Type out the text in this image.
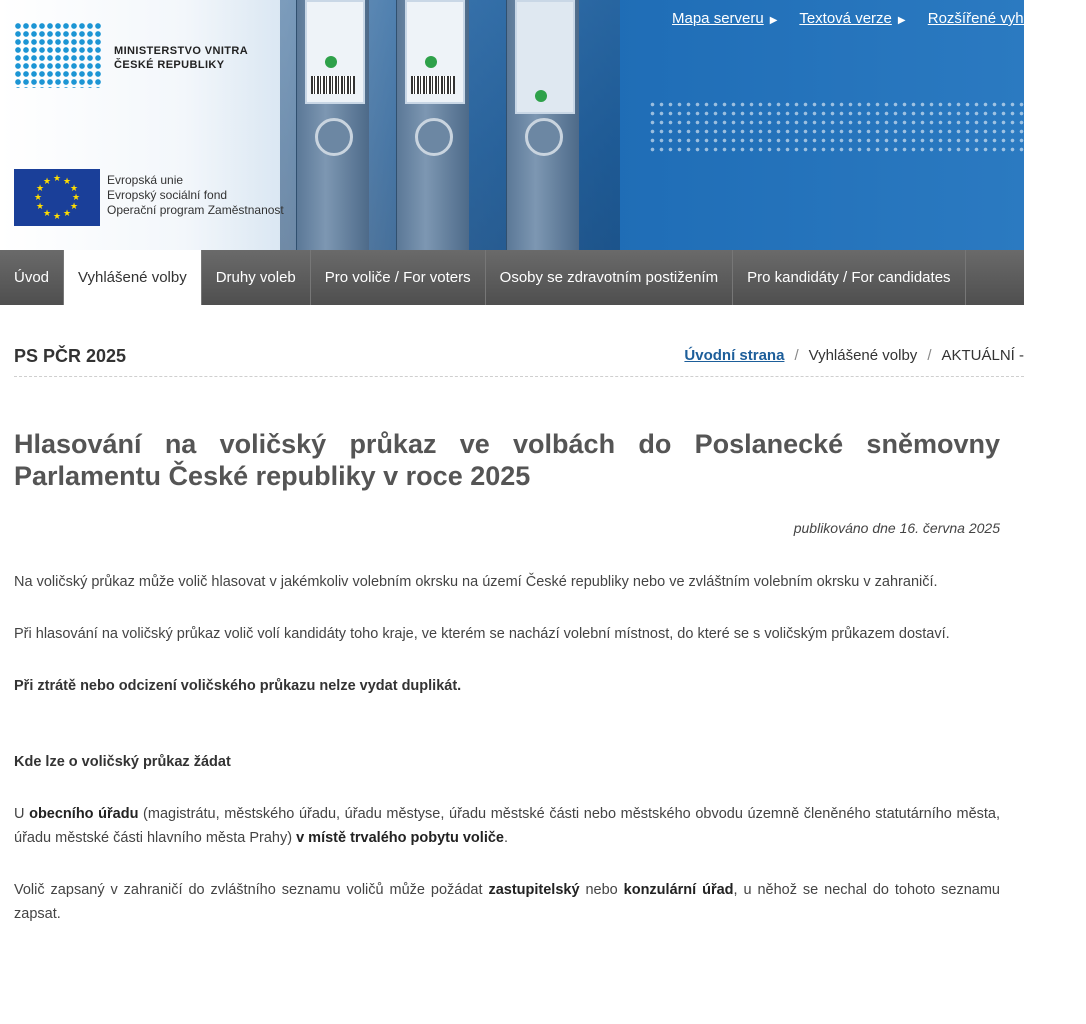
MINISTERSTVO VNITRA
ČESKÉ REPUBLIKY
★ ★
★
★
★
★
★
★
★
★
★
★	Evropská unie
Evropský sociální fond
Operační program Zaměstnanost
Mapa serveru ▶ Textová verze ▶ Rozšířené vyhledávání
Úvod	Vyhlášené volby	Druhy voleb	Pro voliče / For voters	Osoby se zdravotním postižením	Pro kandidáty / For candidates
PS PČR 2025	Úvodní strana / Vyhlášené volby / AKTUÁLNÍ -
Hlasování na voličský průkaz ve volbách do Poslanecké sněmovny Parlamentu České republiky v roce 2025
publikováno dne 16. června 2025

Na voličský průkaz může volič hlasovat v jakémkoliv volebním okrsku na území České republiky nebo ve zvláštním volebním okrsku v zahraničí.

Při hlasování na voličský průkaz volič volí kandidáty toho kraje, ve kterém se nachází volební místnost, do které se s voličským průkazem dostaví.

Při ztrátě nebo odcizení voličského průkazu nelze vydat duplikát.

Kde lze o voličský průkaz žádat

U obecního úřadu (magistrátu, městského úřadu, úřadu městyse, úřadu městské části nebo městského obvodu územně členěného statutárního města, úřadu městské části hlavního města Prahy) v místě trvalého pobytu voliče.

Volič zapsaný v zahraničí do zvláštního seznamu voličů může požádat zastupitelský nebo konzulární úřad, u něhož se nechal do tohoto seznamu zapsat.
